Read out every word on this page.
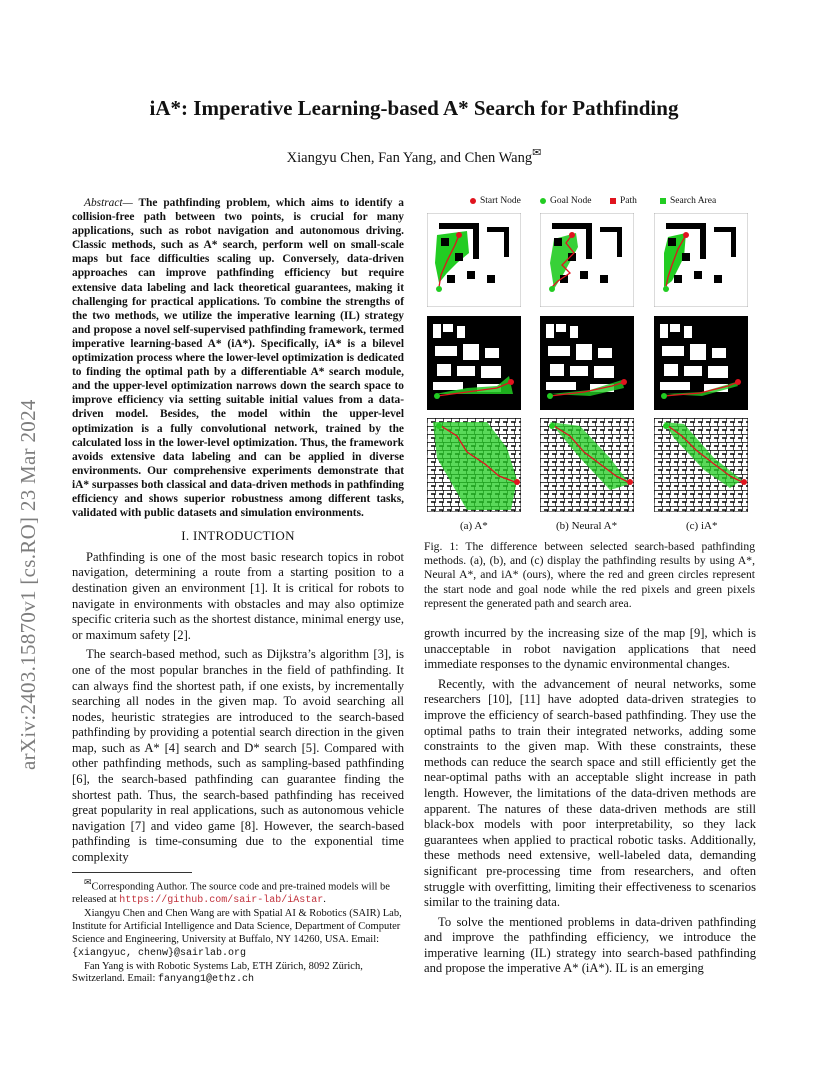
arXiv:2403.15870v1 [cs.RO] 23 Mar 2024
iA*: Imperative Learning-based A* Search for Pathfinding
Xiangyu Chen, Fan Yang, and Chen Wang✉
Abstract— The pathfinding problem, which aims to identify a collision-free path between two points, is crucial for many applications, such as robot navigation and autonomous driving. Classic methods, such as A* search, perform well on small-scale maps but face difficulties scaling up. Conversely, data-driven approaches can improve pathfinding efficiency but require extensive data labeling and lack theoretical guarantees, making it challenging for practical applications. To combine the strengths of the two methods, we utilize the imperative learning (IL) strategy and propose a novel self-supervised pathfinding framework, termed imperative learning-based A* (iA*). Specifically, iA* is a bilevel optimization process where the lower-level optimization is dedicated to finding the optimal path by a differentiable A* search module, and the upper-level optimization narrows down the search space to improve efficiency via setting suitable initial values from a data-driven model. Besides, the model within the upper-level optimization is a fully convolutional network, trained by the calculated loss in the lower-level optimization. Thus, the framework avoids extensive data labeling and can be applied in diverse environments. Our comprehensive experiments demonstrate that iA* surpasses both classical and data-driven methods in pathfinding efficiency and shows superior robustness among different tasks, validated with public datasets and simulation environments.
I. INTRODUCTION

Pathfinding is one of the most basic research topics in robot navigation, determining a route from a starting position to a destination given an environment [1]. It is critical for robots to navigate in environments with obstacles and may also optimize specific criteria such as the shortest distance, minimal energy use, or maximum safety [2].

The search-based method, such as Dijkstra’s algorithm [3], is one of the most popular branches in the field of pathfinding. It can always find the shortest path, if one exists, by incrementally searching all nodes in the given map. To avoid searching all nodes, heuristic strategies are introduced to the search-based pathfinding by providing a potential search direction in the given map, such as A* [4] search and D* search [5]. Compared with other pathfinding methods, such as sampling-based pathfinding [6], the search-based pathfinding can guarantee finding the shortest path. Thus, the search-based pathfinding has received great popularity in real applications, such as autonomous vehicle navigation [7] and video game [8]. However, the search-based pathfinding is time-consuming due to the exponential time complexity

✉Corresponding Author. The source code and pre-trained models will be released at https://github.com/sair-lab/iAstar.
Xiangyu Chen and Chen Wang are with Spatial AI & Robotics (SAIR) Lab, Institute for Artificial Intelligence and Data Science, Department of Computer Science and Engineering, University at Buffalo, NY 14260, USA. Email: {xiangyuc, chenw}@sairlab.org
Fan Yang is with Robotic Systems Lab, ETH Zürich, 8092 Zürich, Switzerland. Email: fanyang1@ethz.ch
Start Node	Goal Node	Path	Search Area
(a) A*	(b) Neural A*	(c) iA*
Fig. 1: The difference between selected search-based pathfinding methods. (a), (b), and (c) display the pathfinding results by using A*, Neural A*, and iA* (ours), where the red and green circles represent the start node and goal node while the red pixels and green pixels represent the generated path and search area.

growth incurred by the increasing size of the map [9], which is unacceptable in robot navigation applications that need immediate responses to the dynamic environmental changes.

Recently, with the advancement of neural networks, some researchers [10], [11] have adopted data-driven strategies to improve the efficiency of search-based pathfinding. They use the optimal paths to train their integrated networks, adding some constraints to the given map. With these constraints, these methods can reduce the search space and still efficiently get the near-optimal paths with an acceptable slight increase in path length. However, the limitations of the data-driven methods are apparent. The natures of these data-driven methods are still black-box models with poor interpretability, so they lack guarantees when applied to practical robotic tasks. Additionally, these methods need extensive, well-labeled data, demanding significant pre-processing time from researchers, and often struggle with overfitting, limiting their effectiveness to scenarios similar to the training data.

To solve the mentioned problems in data-driven pathfinding and improve the pathfinding efficiency, we introduce the imperative learning (IL) strategy into search-based pathfinding and propose the imperative A* (iA*). IL is an emerging
